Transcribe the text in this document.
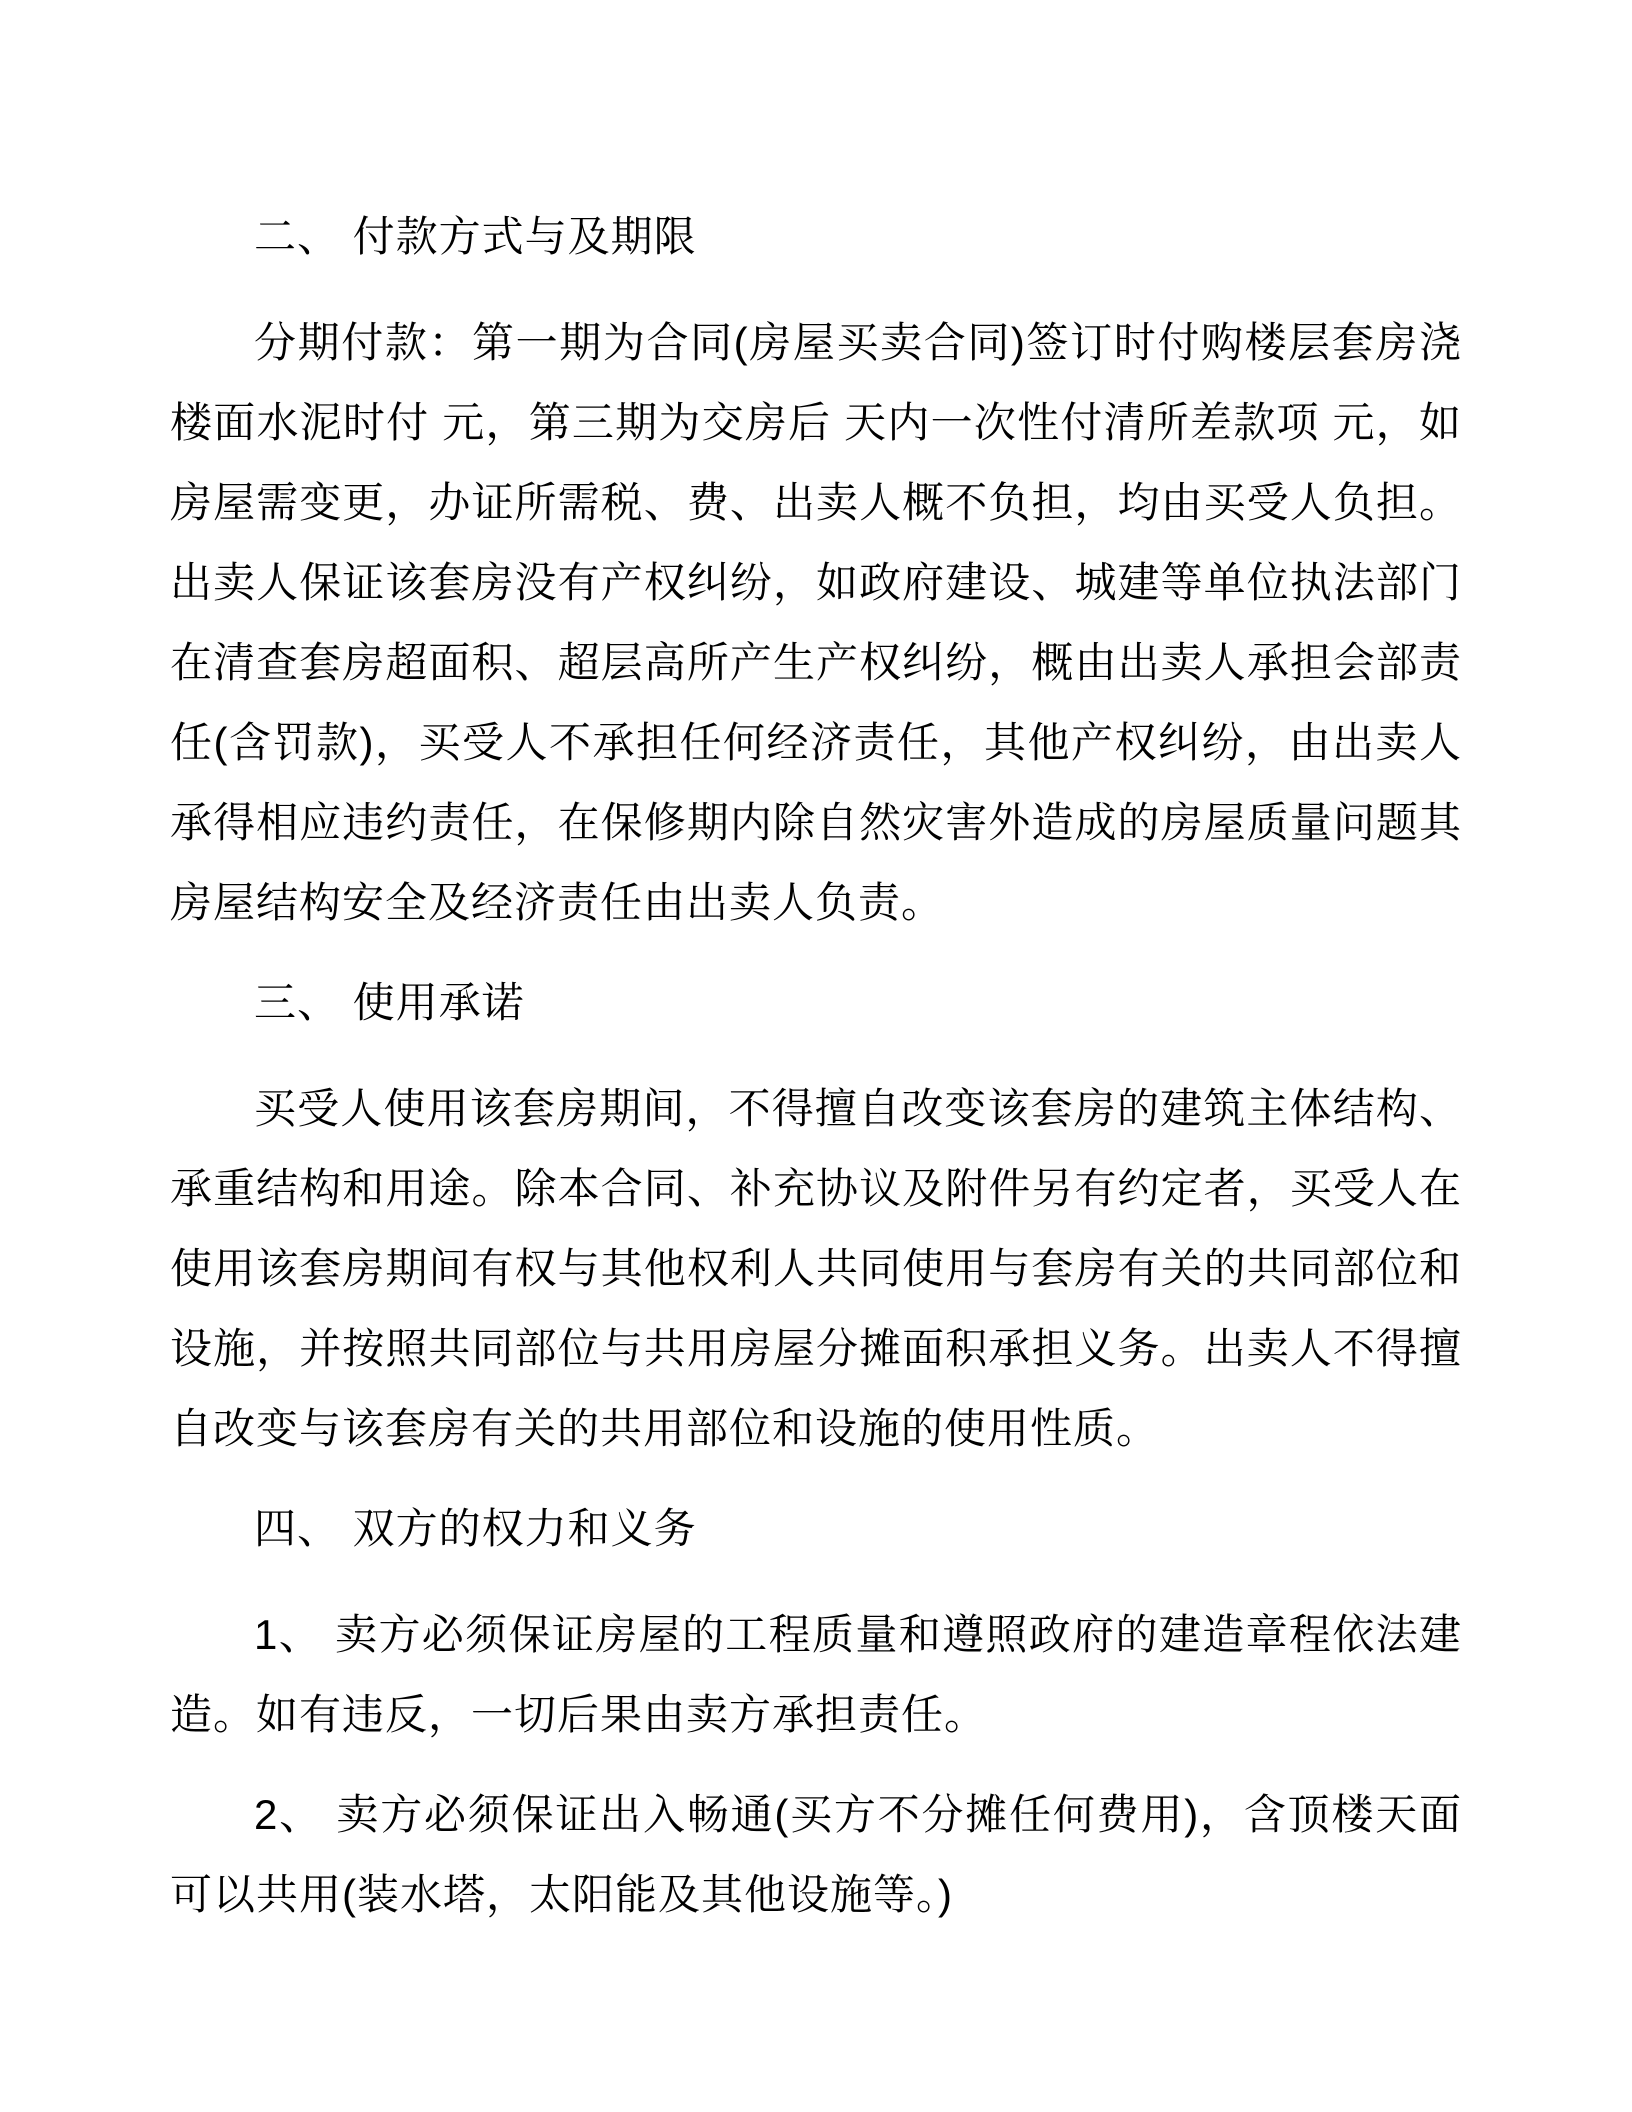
二、 付款方式与及期限

分期付款：第一期为合同(房屋买卖合同)签订时付购楼层套房浇楼面水泥时付 元，第三期为交房后 天内一次性付清所差款项 元，如房屋需变更，办证所需税、费、出卖人概不负担，均由买受人负担。 出卖人保证该套房没有产权纠纷，如政府建设、城建等单位执法部门在清查套房超面积、超层高所产生产权纠纷，概由出卖人承担会部责任(含罚款)，买受人不承担任何经济责任，其他产权纠纷，由出卖人承得相应违约责任，在保修期内除自然灾害外造成的房屋质量问题其房屋结构安全及经济责任由出卖人负责。

三、 使用承诺

买受人使用该套房期间，不得擅自改变该套房的建筑主体结构、承重结构和用途。除本合同、补充协议及附件另有约定者，买受人在使用该套房期间有权与其他权利人共同使用与套房有关的共同部位和设施，并按照共同部位与共用房屋分摊面积承担义务。出卖人不得擅自改变与该套房有关的共用部位和设施的使用性质。

四、 双方的权力和义务

1、 卖方必须保证房屋的工程质量和遵照政府的建造章程依法建造。如有违反，一切后果由卖方承担责任。

2、 卖方必须保证出入畅通(买方不分摊任何费用)，含顶楼天面可以共用(装水塔，太阳能及其他设施等。)
